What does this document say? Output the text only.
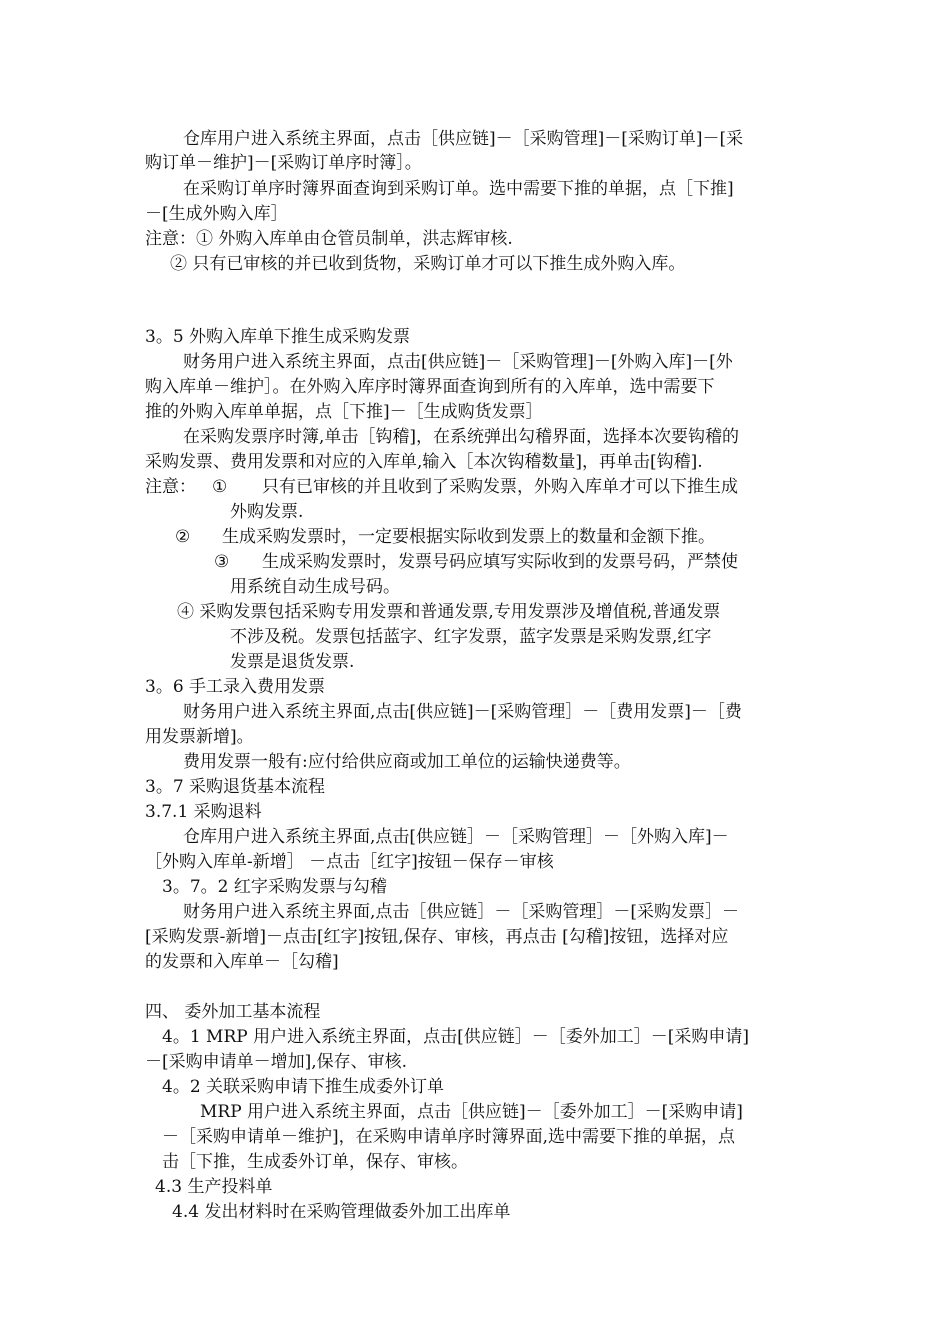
仓库用户进入系统主界面，点击［供应链]－［采购管理]－[采购订单]－[采
购订单－维护]－[采购订单序时簿］。
在采购订单序时簿界面查询到采购订单。选中需要下推的单据，点［下推]
－[生成外购入库］
注意：① 外购入库单由仓管员制单，洪志辉审核.
② 只有已审核的并已收到货物，采购订单才可以下推生成外购入库。
3。5 外购入库单下推生成采购发票
财务用户进入系统主界面，点击[供应链]－［采购管理]－[外购入库]－[外
购入库单－维护］。在外购入库序时簿界面查询到所有的入库单，选中需要下
推的外购入库单单据，点［下推]－［生成购货发票］
在采购发票序时簿,单击［钩稽]，在系统弹出勾稽界面，选择本次要钩稽的
采购发票、费用发票和对应的入库单,输入［本次钩稽数量]，再单击[钩稽].
注意： ① 只有已审核的并且收到了采购发票，外购入库单才可以下推生成
外购发票.
② 生成采购发票时，一定要根据实际收到发票上的数量和金额下推。
③ 生成采购发票时，发票号码应填写实际收到的发票号码，严禁使
用系统自动生成号码。
④ 采购发票包括采购专用发票和普通发票,专用发票涉及增值税,普通发票
不涉及税。发票包括蓝字、红字发票，蓝字发票是采购发票,红字
发票是退货发票.
3。6 手工录入费用发票
财务用户进入系统主界面,点击[供应链]－[采购管理］－［费用发票]－［费
用发票新增]。
费用发票一般有:应付给供应商或加工单位的运输快递费等。
3。7 采购退货基本流程
3.7.1 采购退料
仓库用户进入系统主界面,点击[供应链］－［采购管理］－［外购入库]－
［外购入库单-新增］ －点击［红字]按钮－保存－审核
3。7。2 红字采购发票与勾稽
财务用户进入系统主界面,点击［供应链］－［采购管理］－[采购发票］－
[采购发票-新增]－点击[红字]按钮,保存、审核，再点击 [勾稽]按钮，选择对应
的发票和入库单－［勾稽]
四、 委外加工基本流程
4。1 MRP 用户进入系统主界面，点击[供应链］－［委外加工］－[采购申请]
－[采购申请单－增加],保存、审核.
4。2 关联采购申请下推生成委外订单
MRP 用户进入系统主界面，点击［供应链]－［委外加工］－[采购申请]
－［采购申请单－维护]，在采购申请单序时簿界面,选中需要下推的单据，点
击［下推，生成委外订单，保存、审核。
4.3 生产投料单
4.4 发出材料时在采购管理做委外加工出库单
